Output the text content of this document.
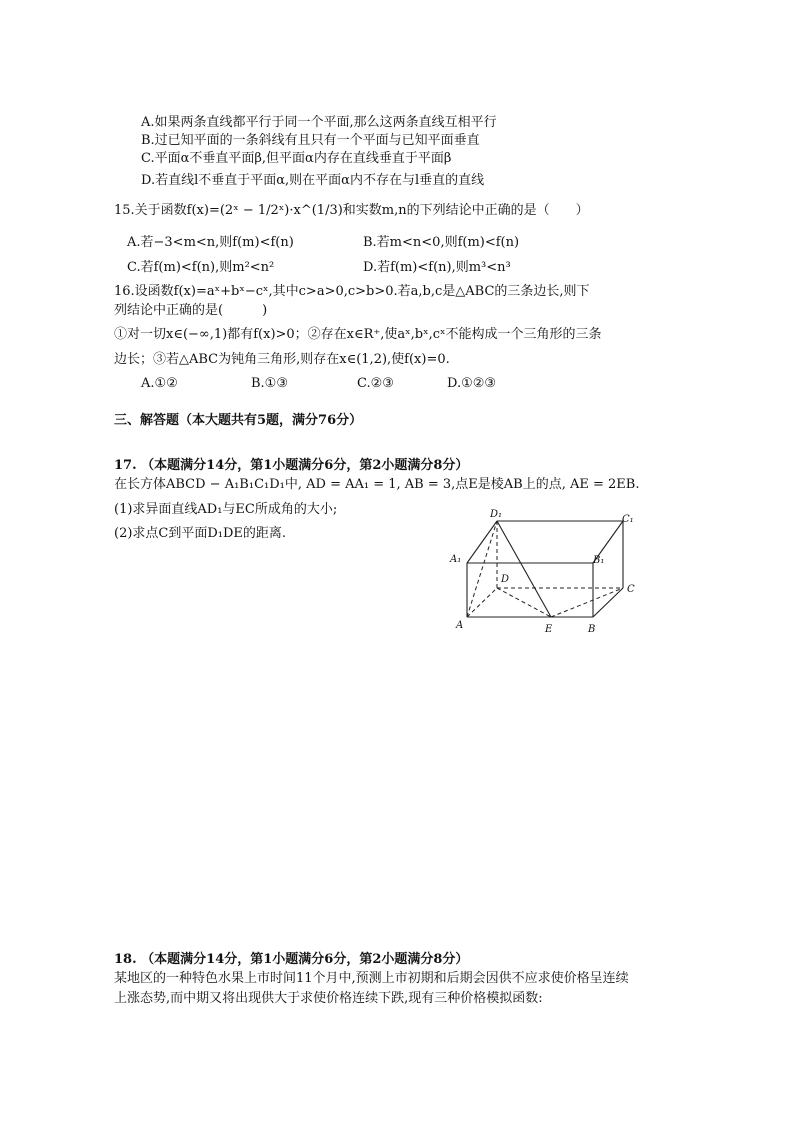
A.如果两条直线都平行于同一个平面,那么这两条直线互相平行
B.过已知平面的一条斜线有且只有一个平面与已知平面垂直
C.平面α不垂直平面β,但平面α内存在直线垂直于平面β
D.若直线l不垂直于平面α,则在平面α内不存在与l垂直的直线
15.关于函数f(x)=(2ˣ − 1/2ˣ)·x^(1/3)和实数m,n的下列结论中正确的是（　　）
A.若−3<m<n,则f(m)<f(n)	B.若m<n<0,则f(m)<f(n)
C.若f(m)<f(n),则m²<n²	D.若f(m)<f(n),则m³<n³
16.设函数f(x)=aˣ+bˣ−cˣ,其中c>a>0,c>b>0.若a,b,c是△ABC的三条边长,则下
列结论中正确的是(　　　)
①对一切x∈(−∞,1)都有f(x)>0；②存在x∈R⁺,使aˣ,bˣ,cˣ不能构成一个三角形的三条
边长；③若△ABC为钝角三角形,则存在x∈(1,2),使f(x)=0.
A.①②	B.①③	C.②③	D.①②③
三、解答题（本大题共有5题，满分76分）
17. （本题满分14分，第1小题满分6分，第2小题满分8分）
在长方体ABCD − A₁B₁C₁D₁中, AD = AA₁ = 1, AB = 3,点E是棱AB上的点, AE = 2EB.
(1)求异面直线AD₁与EC所成角的大小;
(2)求点C到平面D₁DE的距离.
D₁	C₁
A₁	B₁
D
C
A	E	B
18. （本题满分14分，第1小题满分6分，第2小题满分8分）
某地区的一种特色水果上市时间11个月中,预测上市初期和后期会因供不应求使价格呈连续
上涨态势,而中期又将出现供大于求使价格连续下跌,现有三种价格模拟函数:
